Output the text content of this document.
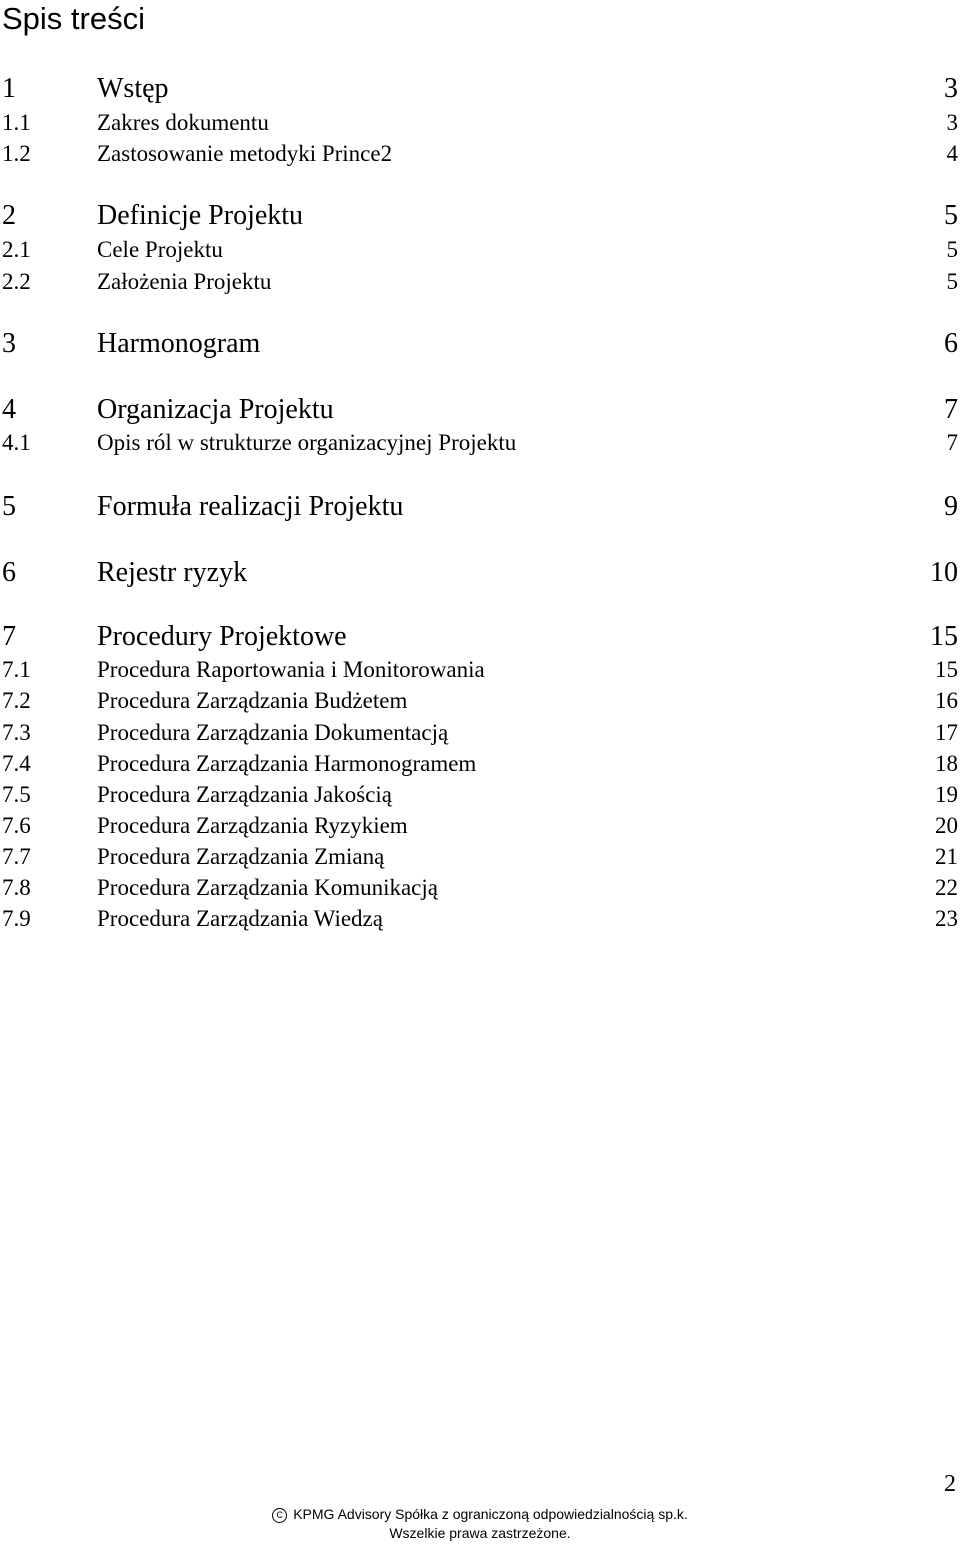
Spis treści
1	Wstęp	3
1.1	Zakres dokumentu	3
1.2	Zastosowanie metodyki Prince2	4
2	Definicje Projektu	5
2.1	Cele Projektu	5
2.2	Założenia Projektu	5
3	Harmonogram	6
4	Organizacja Projektu	7
4.1	Opis ról w strukturze organizacyjnej Projektu	7
5	Formuła realizacji Projektu	9
6	Rejestr ryzyk	10
7	Procedury Projektowe	15
7.1	Procedura Raportowania i Monitorowania	15
7.2	Procedura Zarządzania Budżetem	16
7.3	Procedura Zarządzania Dokumentacją	17
7.4	Procedura Zarządzania Harmonogramem	18
7.5	Procedura Zarządzania Jakością	19
7.6	Procedura Zarządzania Ryzykiem	20
7.7	Procedura Zarządzania Zmianą	21
7.8	Procedura Zarządzania Komunikacją	22
7.9	Procedura Zarządzania Wiedzą	23
2
C KPMG Advisory Spółka z ograniczoną odpowiedzialnością sp.k.
Wszelkie prawa zastrzeżone.
